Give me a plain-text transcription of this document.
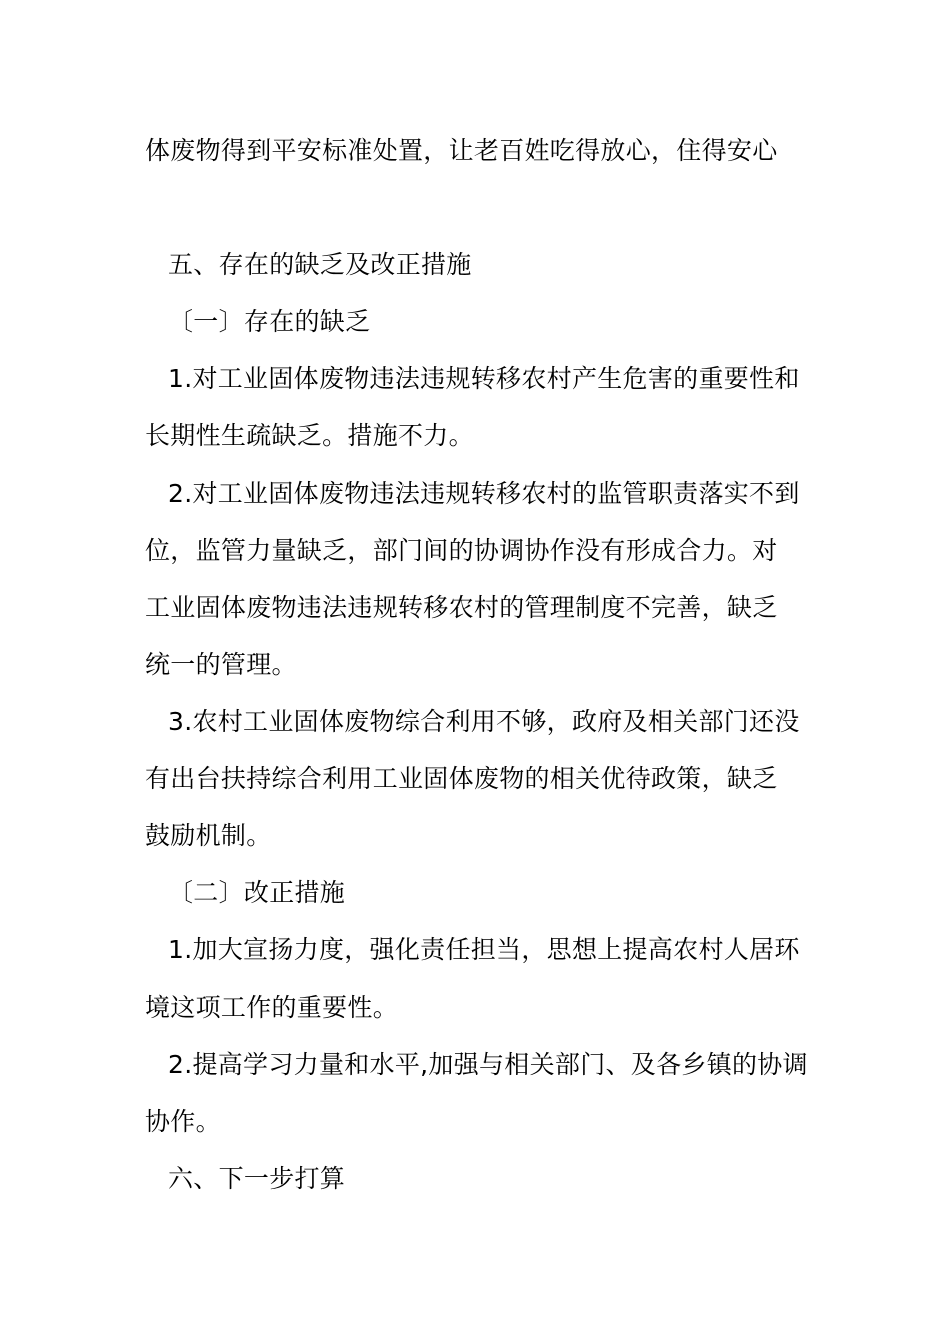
体废物得到平安标准处置，让老百姓吃得放心，住得安心
五、存在的缺乏及改正措施
〔一〕存在的缺乏
1.对工业固体废物违法违规转移农村产生危害的重要性和
长期性生疏缺乏。措施不力。
2.对工业固体废物违法违规转移农村的监管职责落实不到
位，监管力量缺乏，部门间的协调协作没有形成合力。对
工业固体废物违法违规转移农村的管理制度不完善，缺乏
统一的管理。
3.农村工业固体废物综合利用不够，政府及相关部门还没
有出台扶持综合利用工业固体废物的相关优待政策，缺乏
鼓励机制。
〔二〕改正措施
1.加大宣扬力度，强化责任担当，思想上提高农村人居环
境这项工作的重要性。
2.提高学习力量和水平,加强与相关部门、及各乡镇的协调
协作。
六、下一步打算
